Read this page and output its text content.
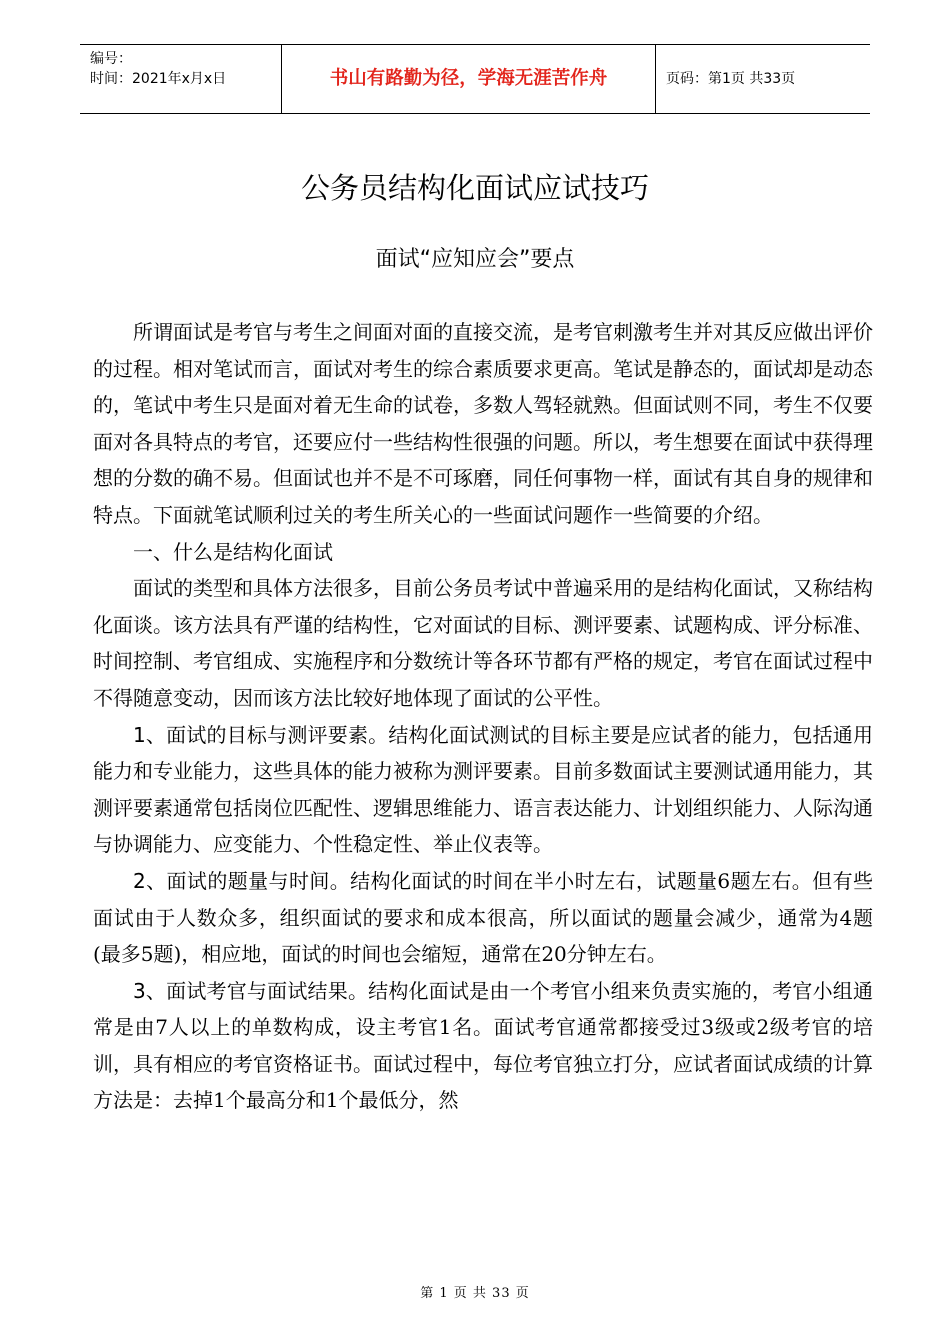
编号：
时间：2021年x月x日	书山有路勤为径，学海无涯苦作舟	页码：第1页 共33页
公务员结构化面试应试技巧
面试“应知应会”要点

所谓面试是考官与考生之间面对面的直接交流，是考官刺激考生并对其反应做出评价的过程。相对笔试而言，面试对考生的综合素质要求更高。笔试是静态的，面试却是动态的，笔试中考生只是面对着无生命的试卷，多数人驾轻就熟。但面试则不同，考生不仅要面对各具特点的考官，还要应付一些结构性很强的问题。所以，考生想要在面试中获得理想的分数的确不易。但面试也并不是不可琢磨，同任何事物一样，面试有其自身的规律和特点。下面就笔试顺利过关的考生所关心的一些面试问题作一些简要的介绍。

一、什么是结构化面试

面试的类型和具体方法很多，目前公务员考试中普遍采用的是结构化面试，又称结构化面谈。该方法具有严谨的结构性，它对面试的目标、测评要素、试题构成、评分标准、时间控制、考官组成、实施程序和分数统计等各环节都有严格的规定，考官在面试过程中不得随意变动，因而该方法比较好地体现了面试的公平性。

1、面试的目标与测评要素。结构化面试测试的目标主要是应试者的能力，包括通用能力和专业能力，这些具体的能力被称为测评要素。目前多数面试主要测试通用能力，其测评要素通常包括岗位匹配性、逻辑思维能力、语言表达能力、计划组织能力、人际沟通与协调能力、应变能力、个性稳定性、举止仪表等。

2、面试的题量与时间。结构化面试的时间在半小时左右，试题量6题左右。但有些面试由于人数众多，组织面试的要求和成本很高，所以面试的题量会减少，通常为4题(最多5题)，相应地，面试的时间也会缩短，通常在20分钟左右。

3、面试考官与面试结果。结构化面试是由一个考官小组来负责实施的，考官小组通常是由7人以上的单数构成，设主考官1名。面试考官通常都接受过3级或2级考官的培训，具有相应的考官资格证书。面试过程中，每位考官独立打分，应试者面试成绩的计算方法是：去掉1个最高分和1个最低分，然

第 1 页 共 33 页
